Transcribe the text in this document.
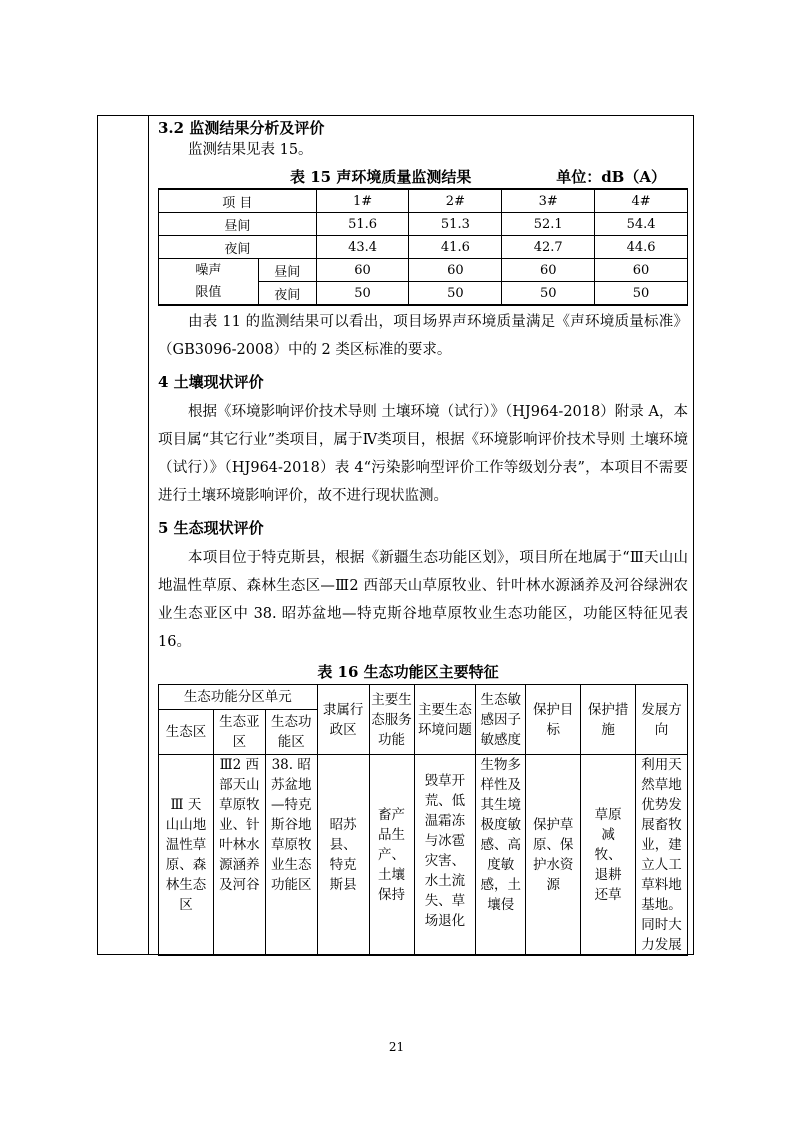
3.2 监测结果分析及评价

监测结果见表 15。

表 15 声环境质量监测结果	单位：dB（A）
项 目		1#	2#	3#	4#
昼间		51.6	51.3	52.1	54.4
夜间		43.4	41.6	42.7	44.6

噪声
限值	昼间	60	60	60	60
	夜间	50	50	50	50

由表 11 的监测结果可以看出，项目场界声环境质量满足《声环境质量标准》（GB3096-2008）中的 2 类区标准的要求。

4 土壤现状评价

根据《环境影响评价技术导则 土壤环境（试行）》（HJ964-2018）附录 A，本项目属“其它行业”类项目，属于Ⅳ类项目，根据《环境影响评价技术导则 土壤环境（试行）》（HJ964-2018）表 4“污染影响型评价工作等级划分表”，本项目不需要进行土壤环境影响评价，故不进行现状监测。

5 生态现状评价

本项目位于特克斯县，根据《新疆生态功能区划》，项目所在地属于“Ⅲ天山山地温性草原、森林生态区—Ⅲ2 西部天山草原牧业、针叶林水源涵养及河谷绿洲农业生态亚区中 38. 昭苏盆地—特克斯谷地草原牧业生态功能区，功能区特征见表 16。

表 16 生态功能区主要特征
生态功能分区单元			隶属行政区	主要生态服务功能	主要生态环境问题	生态敏感因子敏感度	保护目标	保护措施	发展方向
生态区	生态亚区	生态功能区							
Ⅲ 天山山地温性草原、森林生态区	Ⅲ2 西部天山草原牧业、针叶林水源涵养及河谷	38. 昭苏盆地—特克斯谷地草原牧业生态功能区	昭苏县、特克斯县	畜产品生产、土壤保持	毁草开荒、低温霜冻与冰雹灾害、水土流失、草场退化	生物多样性及其生境极度敏感、高度敏感，土壤侵	保护草原、保护水资源	草原减牧、退耕还草	利用天然草地优势发展畜牧业，建立人工草料地基地。同时大力发展
21
